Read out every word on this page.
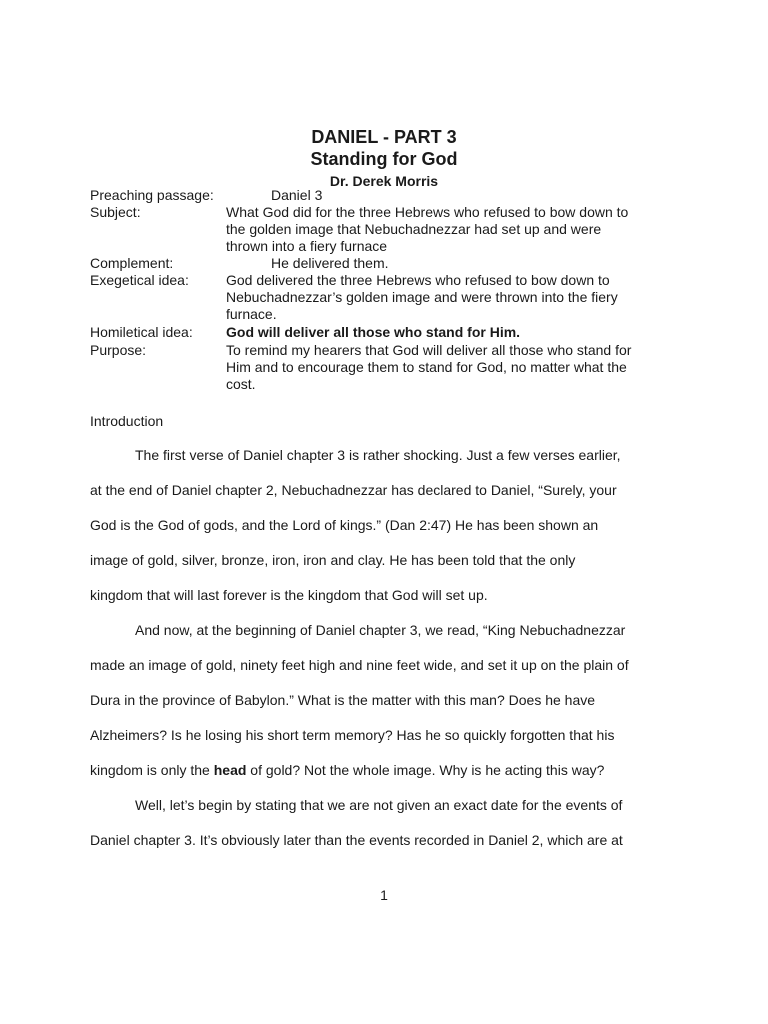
DANIEL - PART 3
Standing for God
Dr. Derek Morris
Preaching passage:	Daniel 3
Subject:	What God did for the three Hebrews who refused to bow down to
the golden image that Nebuchadnezzar had set up and were
thrown into a fiery furnace
Complement:	He delivered them.
Exegetical idea:	God delivered the three Hebrews who refused to bow down to
Nebuchadnezzar’s golden image and were thrown into the fiery
furnace.
Homiletical idea: God will deliver all those who stand for Him.
Purpose:	To remind my hearers that God will deliver all those who stand for
Him and to encourage them to stand for God, no matter what the
cost.
Introduction
The first verse of Daniel chapter 3 is rather shocking. Just a few verses earlier,
at the end of Daniel chapter 2, Nebuchadnezzar has declared to Daniel, “Surely, your
God is the God of gods, and the Lord of kings.” (Dan 2:47) He has been shown an
image of gold, silver, bronze, iron, iron and clay. He has been told that the only
kingdom that will last forever is the kingdom that God will set up.
And now, at the beginning of Daniel chapter 3, we read, “King Nebuchadnezzar
made an image of gold, ninety feet high and nine feet wide, and set it up on the plain of
Dura in the province of Babylon.” What is the matter with this man? Does he have
Alzheimers? Is he losing his short term memory? Has he so quickly forgotten that his
kingdom is only the head of gold? Not the whole image. Why is he acting this way?
Well, let’s begin by stating that we are not given an exact date for the events of
Daniel chapter 3. It’s obviously later than the events recorded in Daniel 2, which are at
1
